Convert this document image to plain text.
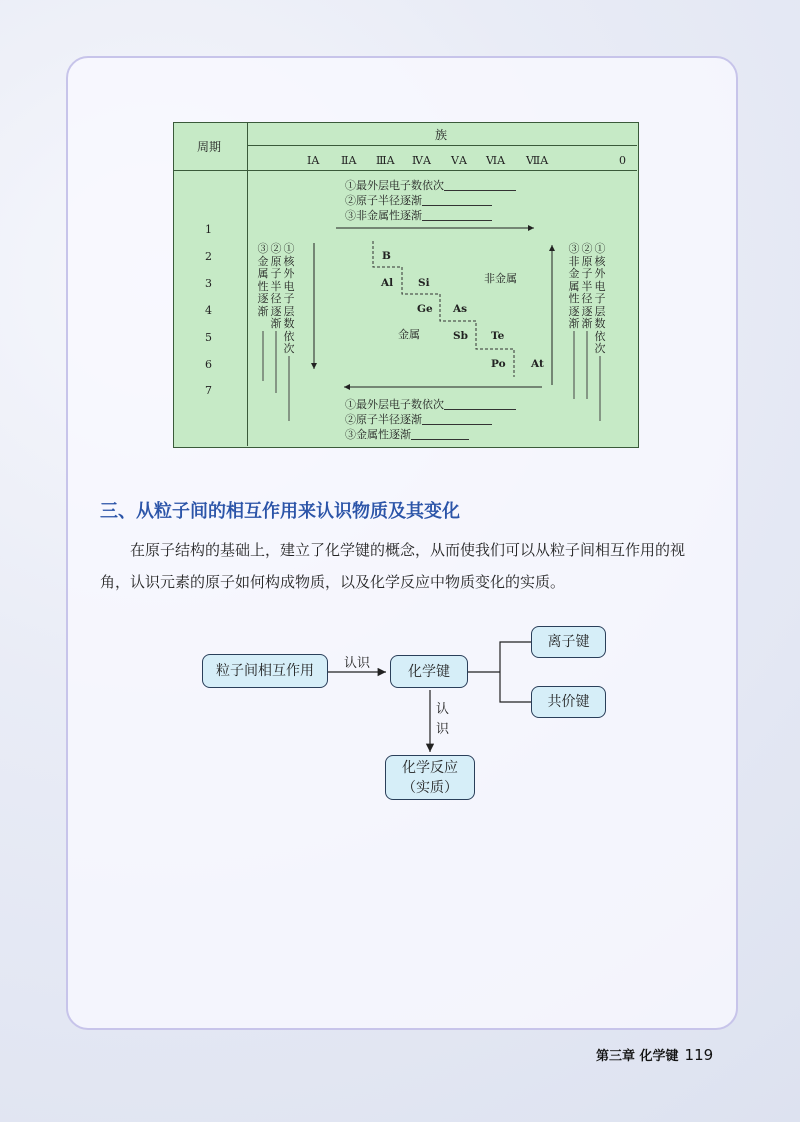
周期
族
ⅠA ⅡA ⅢA ⅣA ⅤA ⅥA ⅦA	0
1
2
3
4
5
6
7
①最外层电子数依次
②原子半径逐渐
③非金属性逐渐
①最外层电子数依次
②原子半径逐渐
③金属性逐渐
③金属性逐渐
②原子半径逐渐
①核外电子层数依次
③非金属性逐渐
②原子半径逐渐
①核外电子层数依次
B
Al Si
Ge As
Sb Te
Po At
非金属
金属
三、从粒子间的相互作用来认识物质及其变化
在原子结构的基础上，建立了化学键的概念，从而使我们可以从粒子间相互作用的视角，认识元素的原子如何构成物质，以及化学反应中物质变化的实质。
粒子间相互作用 认识	化学键
离子键
共价键
认
识
化学反应
（实质）
第三章 化学键 119
